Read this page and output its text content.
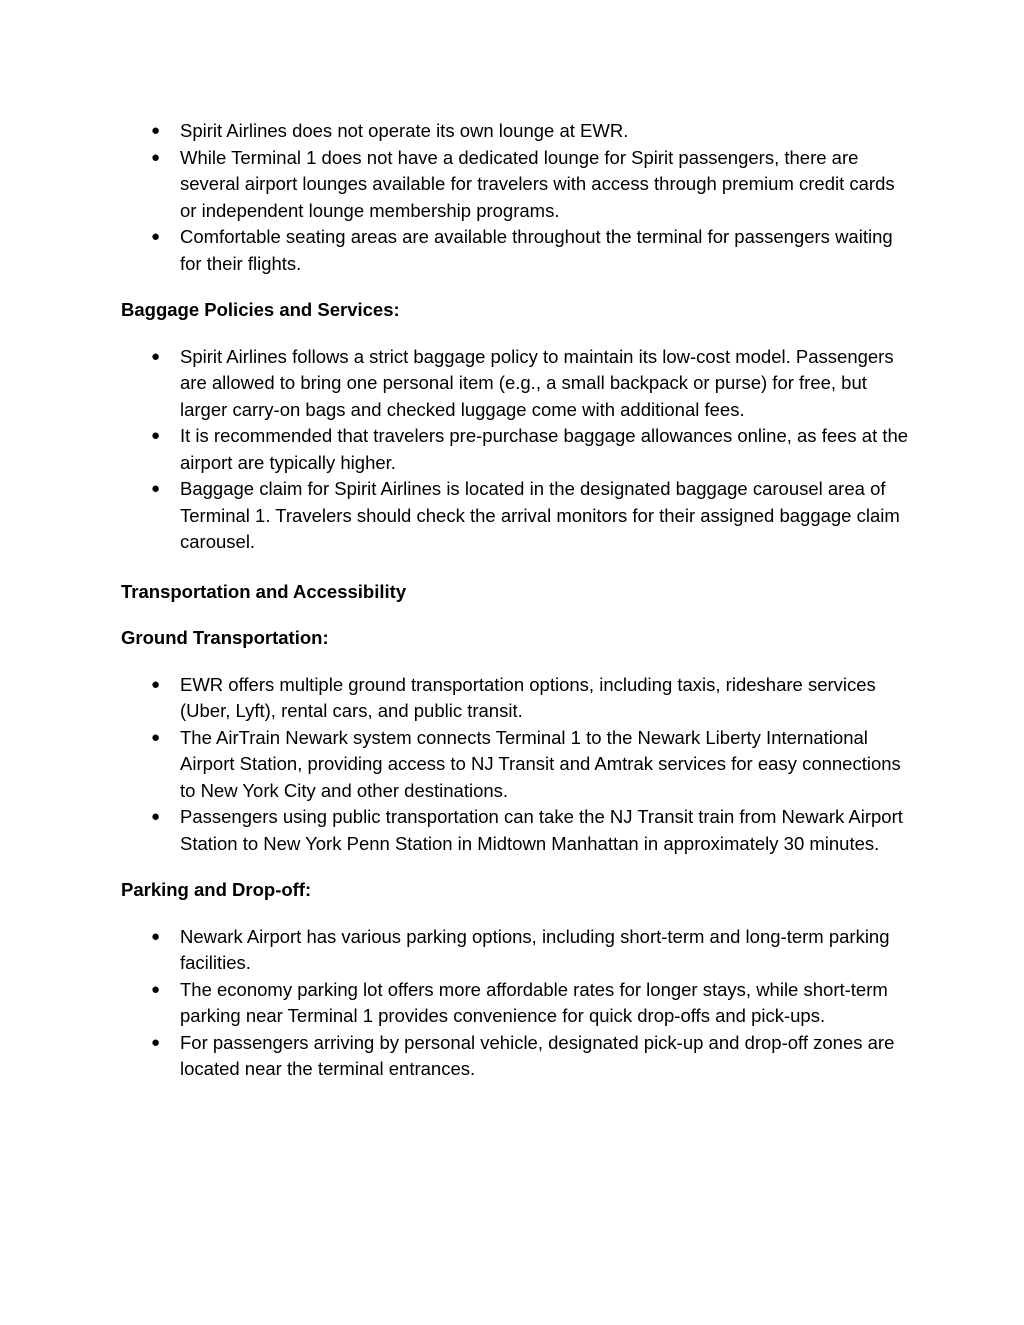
● Spirit Airlines does not operate its own lounge at EWR.
● While Terminal 1 does not have a dedicated lounge for Spirit passengers, there are several airport lounges available for travelers with access through premium credit cards or independent lounge membership programs.
● Comfortable seating areas are available throughout the terminal for passengers waiting for their flights.

Baggage Policies and Services:

● Spirit Airlines follows a strict baggage policy to maintain its low-cost model. Passengers are allowed to bring one personal item (e.g., a small backpack or purse) for free, but larger carry-on bags and checked luggage come with additional fees.
● It is recommended that travelers pre-purchase baggage allowances online, as fees at the airport are typically higher.
● Baggage claim for Spirit Airlines is located in the designated baggage carousel area of Terminal 1. Travelers should check the arrival monitors for their assigned baggage claim carousel.

Transportation and Accessibility

Ground Transportation:

● EWR offers multiple ground transportation options, including taxis, rideshare services (Uber, Lyft), rental cars, and public transit.
● The AirTrain Newark system connects Terminal 1 to the Newark Liberty International Airport Station, providing access to NJ Transit and Amtrak services for easy connections to New York City and other destinations.
● Passengers using public transportation can take the NJ Transit train from Newark Airport Station to New York Penn Station in Midtown Manhattan in approximately 30 minutes.

Parking and Drop-off:

● Newark Airport has various parking options, including short-term and long-term parking facilities.
● The economy parking lot offers more affordable rates for longer stays, while short-term parking near Terminal 1 provides convenience for quick drop-offs and pick-ups.
● For passengers arriving by personal vehicle, designated pick-up and drop-off zones are located near the terminal entrances.
